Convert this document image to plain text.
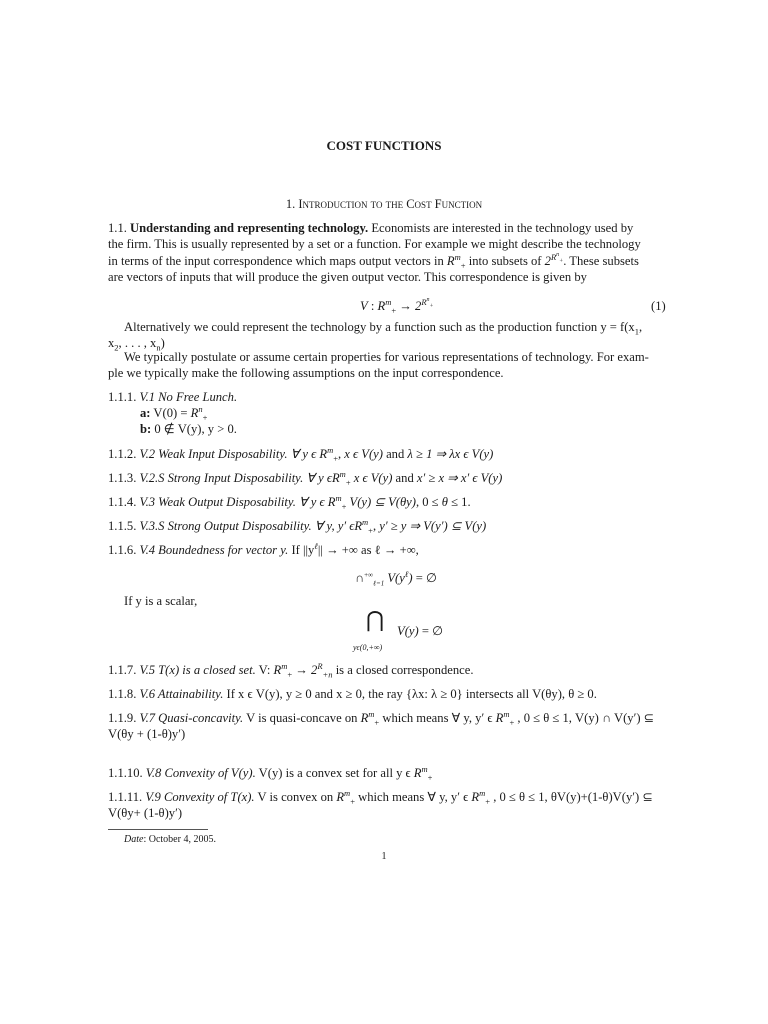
COST FUNCTIONS
1. Introduction to the Cost Function
1.1. Understanding and representing technology. Economists are interested in the technology used by
the firm. This is usually represented by a set or a function. For example we might describe the technology
in terms of the input correspondence which maps output vectors in $R^m_+$ into subsets of $2^{R^n_+}$. These subsets
are vectors of inputs that will produce the given output vector. This correspondence is given by
V : $R^m_+ \to 2^{R^n_+}$	(1)
Alternatively we could represent the technology by a function such as the production function $y = f(x_1$,
$x_2$, . . . , $x_n$)
We typically postulate or assume certain properties for various representations of technology. For exam-
ple we typically make the following assumptions on the input correspondence.
1.1.1. V.1 No Free Lunch.
a: $V(0) = R^n_+$
b: 0 ∉ V(y), y > 0.
1.1.2. V.2 Weak Input Disposability. ∀ y ϵ $R^m_+$, x ϵ V(y) and λ ≥ 1 ⇒ λx ϵ V(y)
1.1.3. V.2.S Strong Input Disposability. ∀ y $\epsilon R^m_+$ x ϵ V(y) and x′ ≥ x ⇒ x′ ϵ V(y)
1.1.4. V.3 Weak Output Disposability. ∀ y ϵ $R^m_+$ V(y) ⊆ V(θy), 0 ≤ θ ≤ 1.
1.1.5. V.3.S Strong Output Disposability. ∀ y, y′ $\epsilon R^m_+$, y′ ≥ y ⇒ V(y′) ⊆ V(y)
1.1.6. V.4 Boundedness for vector y. If $||y^\ell||$ → +∞ as ℓ → +∞,
$\cap^{+\infty}_{\ell=1}$ $V(y^\ell)$ = ∅
If y is a scalar,
⋂
yϵ(0,+∞)
V(y) = ∅
1.1.7. V.5 T(x) is a closed set. V: $R^m_+ \to 2^R_{+n}$ is a closed correspondence.
1.1.8. V.6 Attainability. If x ϵ V(y), y ≥ 0 and x ≥ 0, the ray {λx: λ ≥ 0} intersects all V(θy), θ ≥ 0.
1.1.9. V.7 Quasi-concavity. V is quasi-concave on $R^m_+$ which means ∀ y, y′ ϵ $R^m_+$ , 0 ≤ θ ≤ 1, V(y) ∩ V(y′) ⊆
V(θy + (1-θ)y′)
1.1.10. V.8 Convexity of V(y). V(y) is a convex set for all y ϵ $R^m_+$
1.1.11. V.9 Convexity of T(x). V is convex on $R^m_+$ which means ∀ y, y′ ϵ $R^m_+$ , 0 ≤ θ ≤ 1, θV(y)+(1-θ)V(y′) ⊆
V(θy+ (1-θ)y′)
Date: October 4, 2005.
1
